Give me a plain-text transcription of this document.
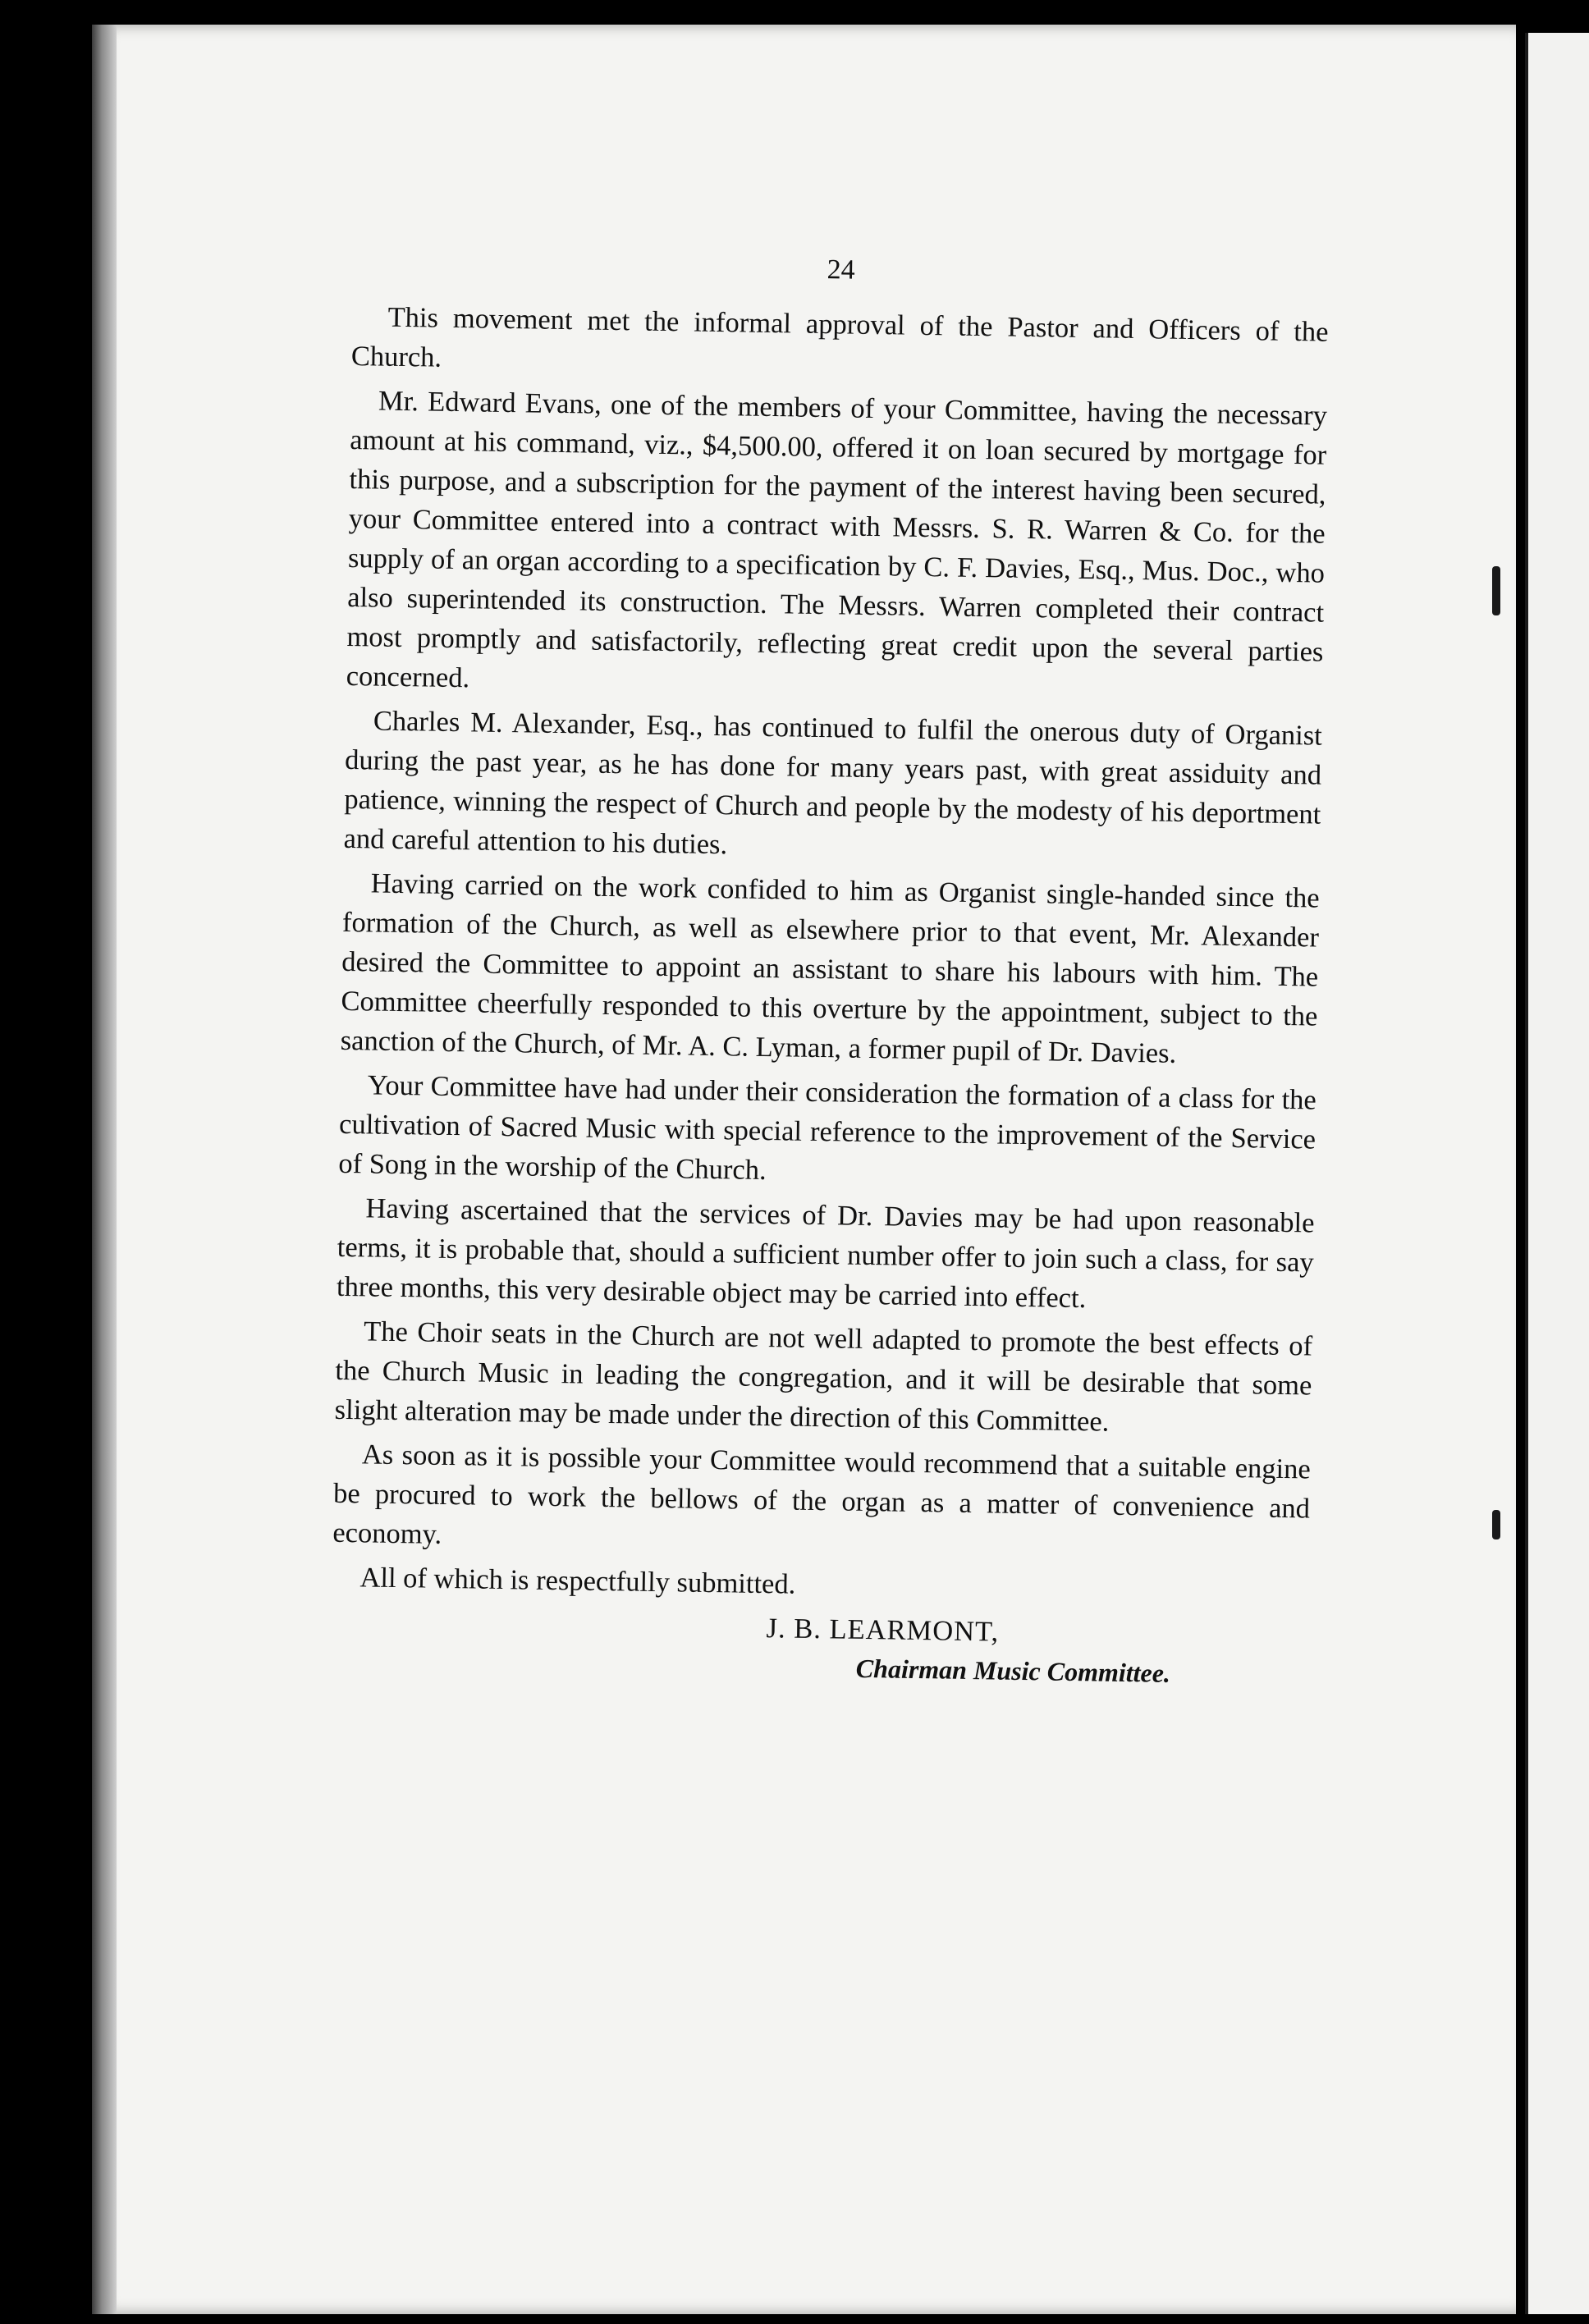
24

This movement met the informal approval of the Pastor and Officers of the Church.

Mr. Edward Evans, one of the members of your Committee, having the necessary amount at his command, viz., $4,500.00, offered it on loan secured by mortgage for this purpose, and a subscription for the payment of the interest having been secured, your Committee entered into a contract with Messrs. S. R. Warren & Co. for the supply of an organ according to a specification by C. F. Davies, Esq., Mus. Doc., who also superintended its construction. The Messrs. Warren completed their contract most promptly and satisfactorily, reflecting great credit upon the several parties concerned.

Charles M. Alexander, Esq., has continued to fulfil the onerous duty of Organist during the past year, as he has done for many years past, with great assiduity and patience, winning the respect of Church and people by the modesty of his deportment and careful attention to his duties.

Having carried on the work confided to him as Organist single-handed since the formation of the Church, as well as elsewhere prior to that event, Mr. Alexander desired the Committee to appoint an assistant to share his labours with him. The Committee cheerfully responded to this overture by the appointment, subject to the sanction of the Church, of Mr. A. C. Lyman, a former pupil of Dr. Davies.

Your Committee have had under their consideration the formation of a class for the cultivation of Sacred Music with special reference to the improvement of the Service of Song in the worship of the Church.

Having ascertained that the services of Dr. Davies may be had upon reasonable terms, it is probable that, should a sufficient number offer to join such a class, for say three months, this very desirable object may be carried into effect.

The Choir seats in the Church are not well adapted to promote the best effects of the Church Music in leading the congregation, and it will be desirable that some slight alteration may be made under the direction of this Committee.

As soon as it is possible your Committee would recommend that a suitable engine be procured to work the bellows of the organ as a matter of convenience and economy.

All of which is respectfully submitted.

J. B. LEARMONT,
Chairman Music Committee.
